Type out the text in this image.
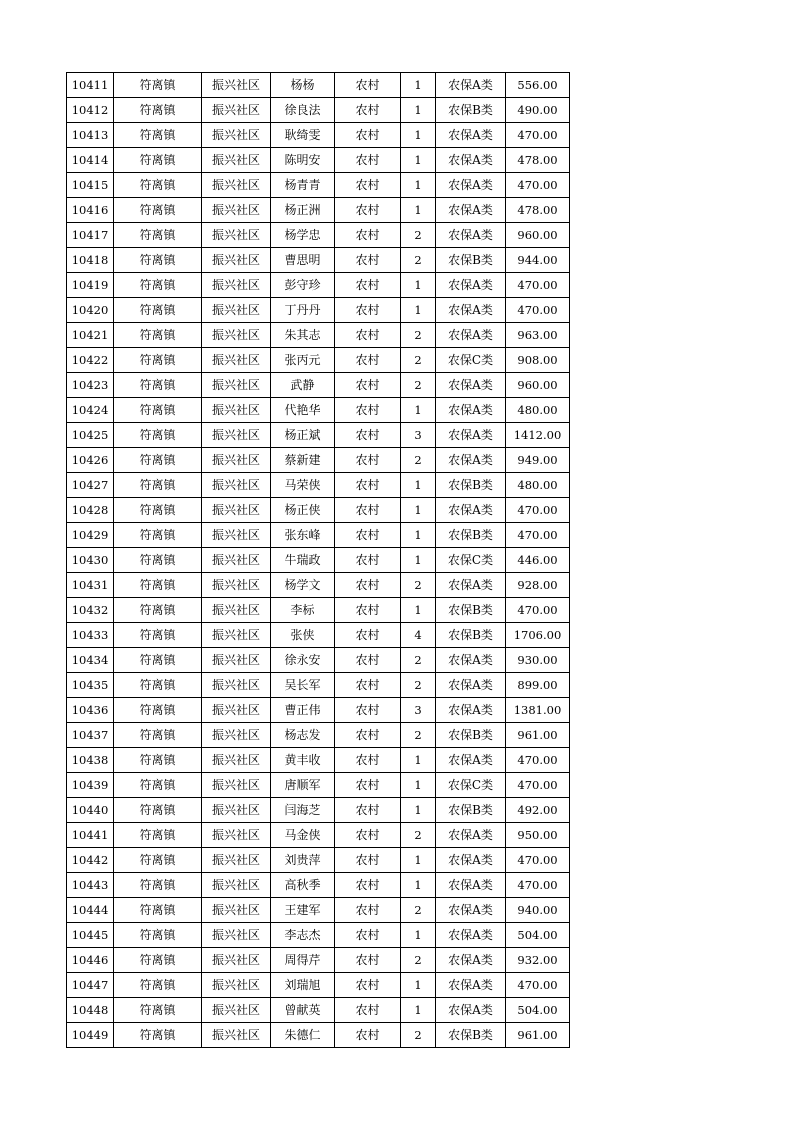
10411	符离镇	振兴社区	杨杨	农村	1	农保A类	556.00
10412	符离镇	振兴社区	徐良法	农村	1	农保B类	490.00
10413	符离镇	振兴社区	耿绮雯	农村	1	农保A类	470.00
10414	符离镇	振兴社区	陈明安	农村	1	农保A类	478.00
10415	符离镇	振兴社区	杨青青	农村	1	农保A类	470.00
10416	符离镇	振兴社区	杨正洲	农村	1	农保A类	478.00
10417	符离镇	振兴社区	杨学忠	农村	2	农保A类	960.00
10418	符离镇	振兴社区	曹思明	农村	2	农保B类	944.00
10419	符离镇	振兴社区	彭守珍	农村	1	农保A类	470.00
10420	符离镇	振兴社区	丁丹丹	农村	1	农保A类	470.00
10421	符离镇	振兴社区	朱其志	农村	2	农保A类	963.00
10422	符离镇	振兴社区	张丙元	农村	2	农保C类	908.00
10423	符离镇	振兴社区	武静	农村	2	农保A类	960.00
10424	符离镇	振兴社区	代艳华	农村	1	农保A类	480.00
10425	符离镇	振兴社区	杨正斌	农村	3	农保A类	1412.00
10426	符离镇	振兴社区	蔡新建	农村	2	农保A类	949.00
10427	符离镇	振兴社区	马荣侠	农村	1	农保B类	480.00
10428	符离镇	振兴社区	杨正侠	农村	1	农保A类	470.00
10429	符离镇	振兴社区	张东峰	农村	1	农保B类	470.00
10430	符离镇	振兴社区	牛瑞政	农村	1	农保C类	446.00
10431	符离镇	振兴社区	杨学文	农村	2	农保A类	928.00
10432	符离镇	振兴社区	李标	农村	1	农保B类	470.00
10433	符离镇	振兴社区	张侠	农村	4	农保B类	1706.00
10434	符离镇	振兴社区	徐永安	农村	2	农保A类	930.00
10435	符离镇	振兴社区	吴长军	农村	2	农保A类	899.00
10436	符离镇	振兴社区	曹正伟	农村	3	农保A类	1381.00
10437	符离镇	振兴社区	杨志发	农村	2	农保B类	961.00
10438	符离镇	振兴社区	黄丰收	农村	1	农保A类	470.00
10439	符离镇	振兴社区	唐顺军	农村	1	农保C类	470.00
10440	符离镇	振兴社区	闫海芝	农村	1	农保B类	492.00
10441	符离镇	振兴社区	马金侠	农村	2	农保A类	950.00
10442	符离镇	振兴社区	刘贵萍	农村	1	农保A类	470.00
10443	符离镇	振兴社区	高秋季	农村	1	农保A类	470.00
10444	符离镇	振兴社区	王建军	农村	2	农保A类	940.00
10445	符离镇	振兴社区	李志杰	农村	1	农保A类	504.00
10446	符离镇	振兴社区	周得芹	农村	2	农保A类	932.00
10447	符离镇	振兴社区	刘瑞旭	农村	1	农保A类	470.00
10448	符离镇	振兴社区	曾献英	农村	1	农保A类	504.00
10449	符离镇	振兴社区	朱德仁	农村	2	农保B类	961.00
